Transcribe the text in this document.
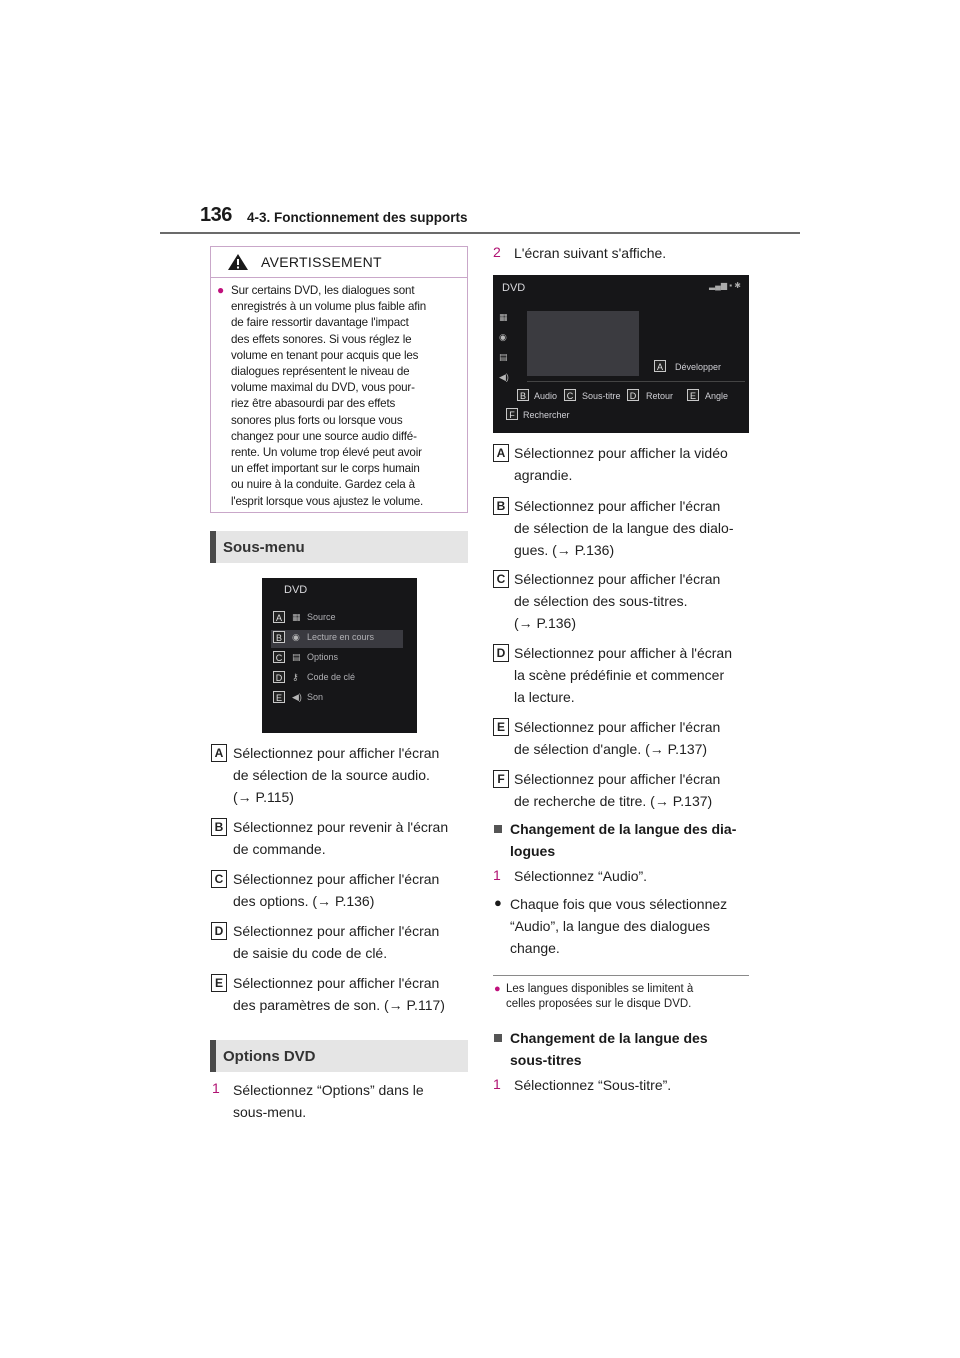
136 4-3. Fonctionnement des supports
AVERTISSEMENT
● Sur certains DVD, les dialogues sont
enregistrés à un volume plus faible afin
de faire ressortir davantage l'impact
des effets sonores. Si vous réglez le
volume en tenant pour acquis que les
dialogues représentent le niveau de
volume maximal du DVD, vous pour-
riez être abasourdi par des effets
sonores plus forts ou lorsque vous
changez pour une source audio diffé-
rente. Un volume trop élevé peut avoir
un effet important sur le corps humain
ou nuire à la conduite. Gardez cela à
l'esprit lorsque vous ajustez le volume.
Sous-menu
DVD
A	▦ Source
B	◉ Lecture en cours
C	▤ Options
D	⚷ Code de clé
E	◀) Son
A Sélectionnez pour afficher l'écran
de sélection de la source audio.
(→ P.115)
B Sélectionnez pour revenir à l'écran
de commande.
C Sélectionnez pour afficher l'écran
des options. (→ P.136)
D Sélectionnez pour afficher l'écran
de saisie du code de clé.
E Sélectionnez pour afficher l'écran
des paramètres de son. (→ P.117)
Options DVD
1 Sélectionnez “Options” dans le
sous-menu.
2 L'écran suivant s'affiche.
DVD	▂▄▆ ▪ ✱
▦
◉
▤
◀)
A	Développer
B Audio	C Sous-titre	D	Retour	E	Angle
F Rechercher
A Sélectionnez pour afficher la vidéo
agrandie.
B Sélectionnez pour afficher l'écran
de sélection de la langue des dialo-
gues. (→ P.136)
C Sélectionnez pour afficher l'écran
de sélection des sous-titres.
(→ P.136)
D Sélectionnez pour afficher à l'écran
la scène prédéfinie et commencer
la lecture.
E Sélectionnez pour afficher l'écran
de sélection d'angle. (→ P.137)
F Sélectionnez pour afficher l'écran
de recherche de titre. (→ P.137)
Changement de la langue des dia-
logues
1 Sélectionnez “Audio”.
● Chaque fois que vous sélectionnez
“Audio”, la langue des dialogues
change.
● Les langues disponibles se limitent à
celles proposées sur le disque DVD.
Changement de la langue des
sous-titres
1 Sélectionnez “Sous-titre”.
